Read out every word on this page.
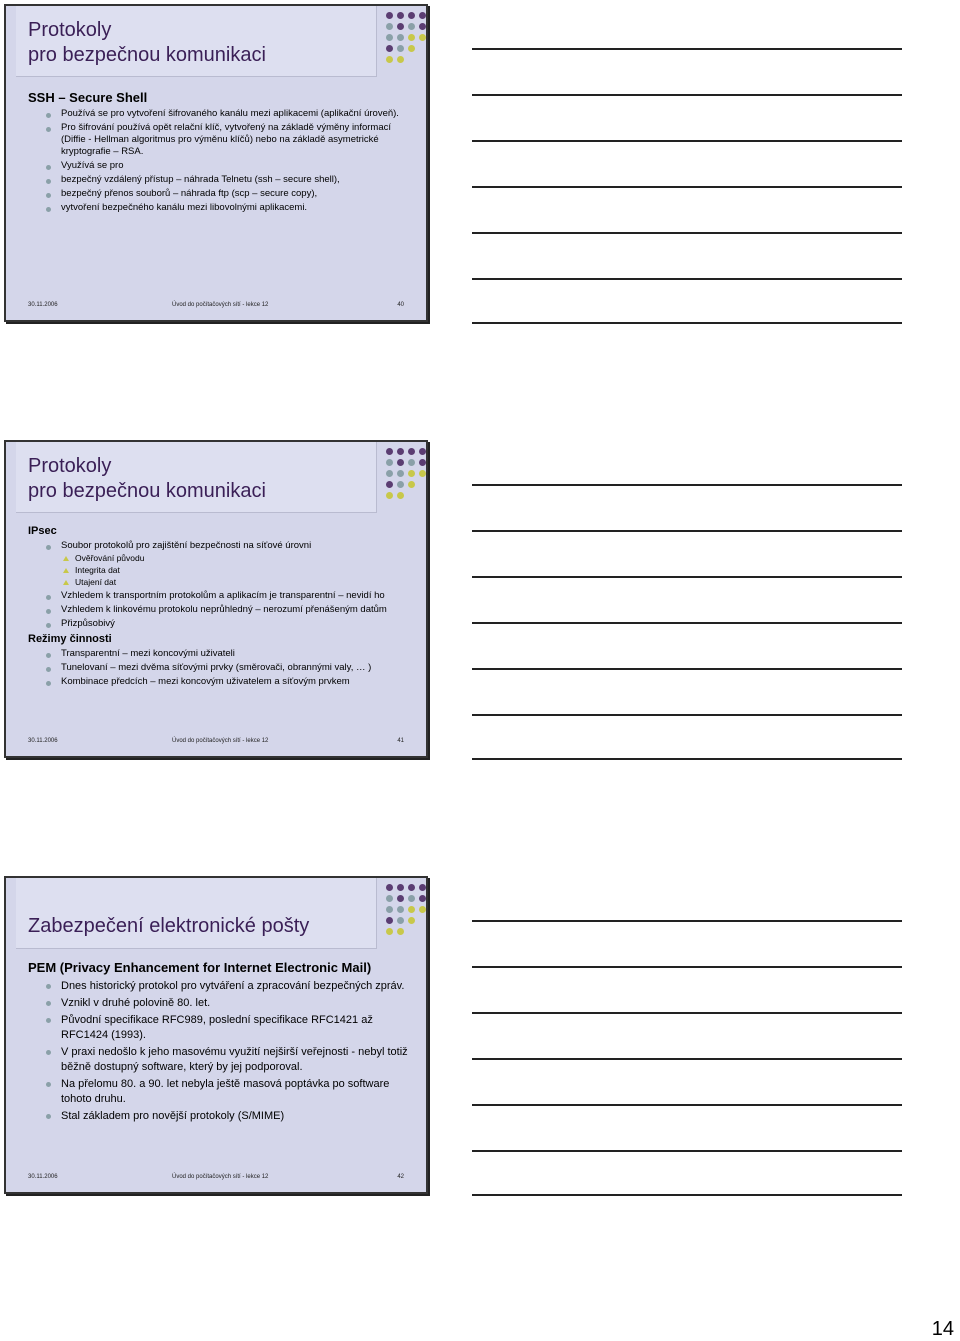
Protokoly
pro bezpečnou komunikaci
SSH – Secure Shell
Používá se pro vytvoření šifrovaného kanálu mezi aplikacemi (aplikační úroveň).
Pro šifrování používá opět relační klíč, vytvořený na základě výměny informací (Diffie - Hellman algoritmus pro výměnu klíčů) nebo na základě asymetrické kryptografie – RSA.
Využívá se pro
bezpečný vzdálený přístup – náhrada Telnetu (ssh – secure shell),
bezpečný přenos souborů – náhrada ftp (scp – secure copy),
vytvoření bezpečného kanálu mezi libovolnými aplikacemi.
30.11.2006	Úvod do počítačových sítí - lekce 12	40
Protokoly
pro bezpečnou komunikaci
IPsec
Soubor protokolů pro zajištění bezpečnosti na síťové úrovni
Ověřování původu
Integrita dat
Utajení dat
Vzhledem k transportním protokolům a aplikacím je transparentní – nevidí ho
Vzhledem k linkovému protokolu neprůhledný – nerozumí přenášeným datům
Přizpůsobivý
Režimy činnosti
Transparentní – mezi koncovými uživateli
Tunelovaní – mezi dvěma síťovými prvky (směrovači, obrannými valy, … )
Kombinace předcích – mezi koncovým uživatelem a síťovým prvkem
30.11.2006	Úvod do počítačových sítí - lekce 12	41
Zabezpečení elektronické pošty
PEM (Privacy Enhancement for Internet Electronic Mail)
Dnes historický protokol pro vytváření a zpracování bezpečných zpráv.
Vznikl v druhé polovině 80. let.
Původní specifikace RFC989, poslední specifikace RFC1421 až RFC1424 (1993).
V praxi nedošlo k jeho masovému využití nejširší veřejnosti - nebyl totiž běžně dostupný software, který by jej podporoval.
Na přelomu 80. a 90. let nebyla ještě masová poptávka po software tohoto druhu.
Stal základem pro novější protokoly (S/MIME)
30.11.2006	Úvod do počítačových sítí - lekce 12	42
14
